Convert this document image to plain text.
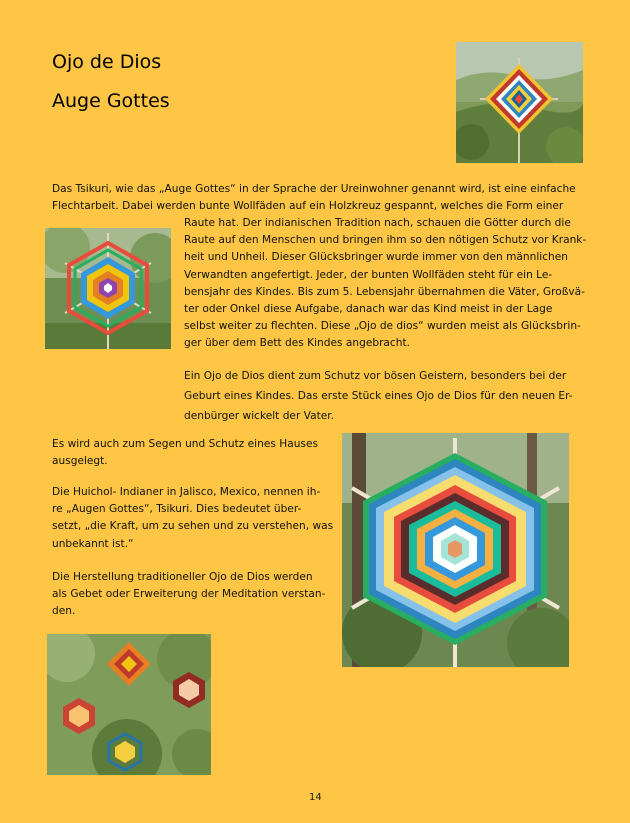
Ojo de Dios
Auge Gottes

Das Tsikuri, wie das „Auge Gottes“ in der Sprache der Ureinwohner genannt wird, ist eine einfache

Flechtarbeit. Dabei werden bunte Wollfäden auf ein Holzkreuz gespannt, welches die Form einer

Raute hat. Der indianischen Tradition nach, schauen die Götter durch die

Raute auf den Menschen und bringen ihm so den nötigen Schutz vor Krank-

heit und Unheil. Dieser Glücksbringer wurde immer von den männlichen

Verwandten angefertigt. Jeder, der bunten Wollfäden steht für ein Le-

bensjahr des Kindes. Bis zum 5. Lebensjahr übernahmen die Väter, Großvä-

ter oder Onkel diese Aufgabe, danach war das Kind meist in der Lage

selbst weiter zu flechten. Diese „Ojo de dios“ wurden meist als Glücksbrin-

ger über dem Bett des Kindes angebracht.

Ein Ojo de Dios dient zum Schutz vor bösen Geistern, besonders bei der

Geburt eines Kindes. Das erste Stück eines Ojo de Dios für den neuen Er-

denbürger wickelt der Vater.

Es wird auch zum Segen und Schutz eines Hauses

ausgelegt.

Die Huichol- Indianer in Jalisco, Mexico, nennen ih-

re „Augen Gottes“, Tsikuri. Dies bedeutet über-

setzt, „die Kraft, um zu sehen und zu verstehen, was

unbekannt ist.“

Die Herstellung traditioneller Ojo de Dios werden

als Gebet oder Erweiterung der Meditation verstan-

den.

14
